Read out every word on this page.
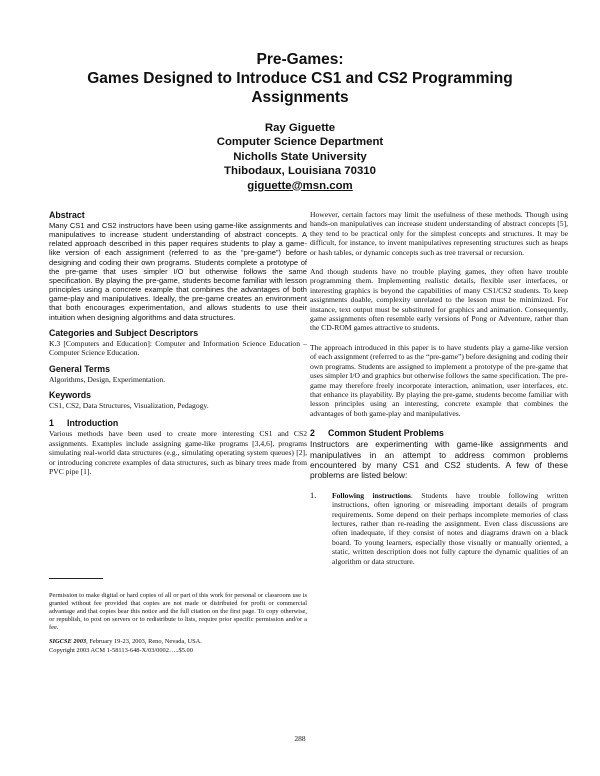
Pre-Games:

Games Designed to Introduce CS1 and CS2 Programming

Assignments

Ray Giguette
Computer Science Department
Nicholls State University
Thibodaux, Louisiana 70310
giguette@msn.com

Abstract

Many CS1 and CS2 instructors have been using game-like assignments and manipulatives to increase student understanding of abstract concepts. A related approach described in this paper requires students to play a game-like version of each assignment (referred to as the “pre-game”) before designing and coding their own programs. Students complete a prototype of the pre-game that uses simpler I/O but otherwise follows the same specification. By playing the pre-game, students become familiar with lesson principles using a concrete example that combines the advantages of both game-play and manipulatives. Ideally, the pre-game creates an environment that both encourages experimentation, and allows students to use their intuition when designing algorithms and data structures.

Categories and Subject Descriptors

K.3 [Computers and Education]: Computer and Information Science Education – Computer Science Education.

General Terms

Algorithms, Design, Experimentation.

Keywords

CS1, CS2, Data Structures, Visualization, Pedagogy.

1 Introduction

Various methods have been used to create more interesting CS1 and CS2 assignments. Examples include assigning game-like programs [3,4,6], programs simulating real-world data structures (e.g., simulating operating system queues) [2], or introducing concrete examples of data structures, such as binary trees made from PVC pipe [1].

Permission to make digital or hard copies of all or part of this work for personal or classroom use is granted without fee provided that copies are not made or distributed for profit or commercial advantage and that copies bear this notice and the full citation on the first page. To copy otherwise, or republish, to post on servers or to redistribute to lists, require prior specific permission and/or a fee.

SIGCSE 2003, February 19-23, 2003, Reno, Nevada, USA.

Copyright 2003 ACM 1-58113-648-X/03/0002…..$5.00

However, certain factors may limit the usefulness of these methods. Though using hands-on manipulatives can increase student understanding of abstract concepts [5], they tend to be practical only for the simplest concepts and structures. It may be difficult, for instance, to invent manipulatives representing structures such as heaps or hash tables, or dynamic concepts such as tree traversal or recursion.

And though students have no trouble playing games, they often have trouble programming them. Implementing realistic details, flexible user interfaces, or interesting graphics is beyond the capabilities of many CS1/CS2 students. To keep assignments doable, complexity unrelated to the lesson must be minimized. For instance, text output must be substituted for graphics and animation. Consequently, game assignments often resemble early versions of Pong or Adventure, rather than the CD-ROM games attractive to students.

The approach introduced in this paper is to have students play a game-like version of each assignment (referred to as the “pre-game”) before designing and coding their own programs. Students are assigned to implement a prototype of the pre-game that uses simpler I/O and graphics but otherwise follows the same specification. The pre-game may therefore freely incorporate interaction, animation, user interfaces, etc. that enhance its playability. By playing the pre-game, students become familiar with lesson principles using an interesting, concrete example that combines the advantages of both game-play and manipulatives.

2 Common Student Problems

Instructors are experimenting with game-like assignments and manipulatives in an attempt to address common problems encountered by many CS1 and CS2 students. A few of these problems are listed below:

1. Following instructions. Students have trouble following written instructions, often ignoring or misreading important details of program requirements. Some depend on their perhaps incomplete memories of class lectures, rather than re-reading the assignment. Even class discussions are often inadequate, if they consist of notes and diagrams drawn on a black board. To young learners, especially those visually or manually oriented, a static, written description does not fully capture the dynamic qualities of an algorithm or data structure.

288
